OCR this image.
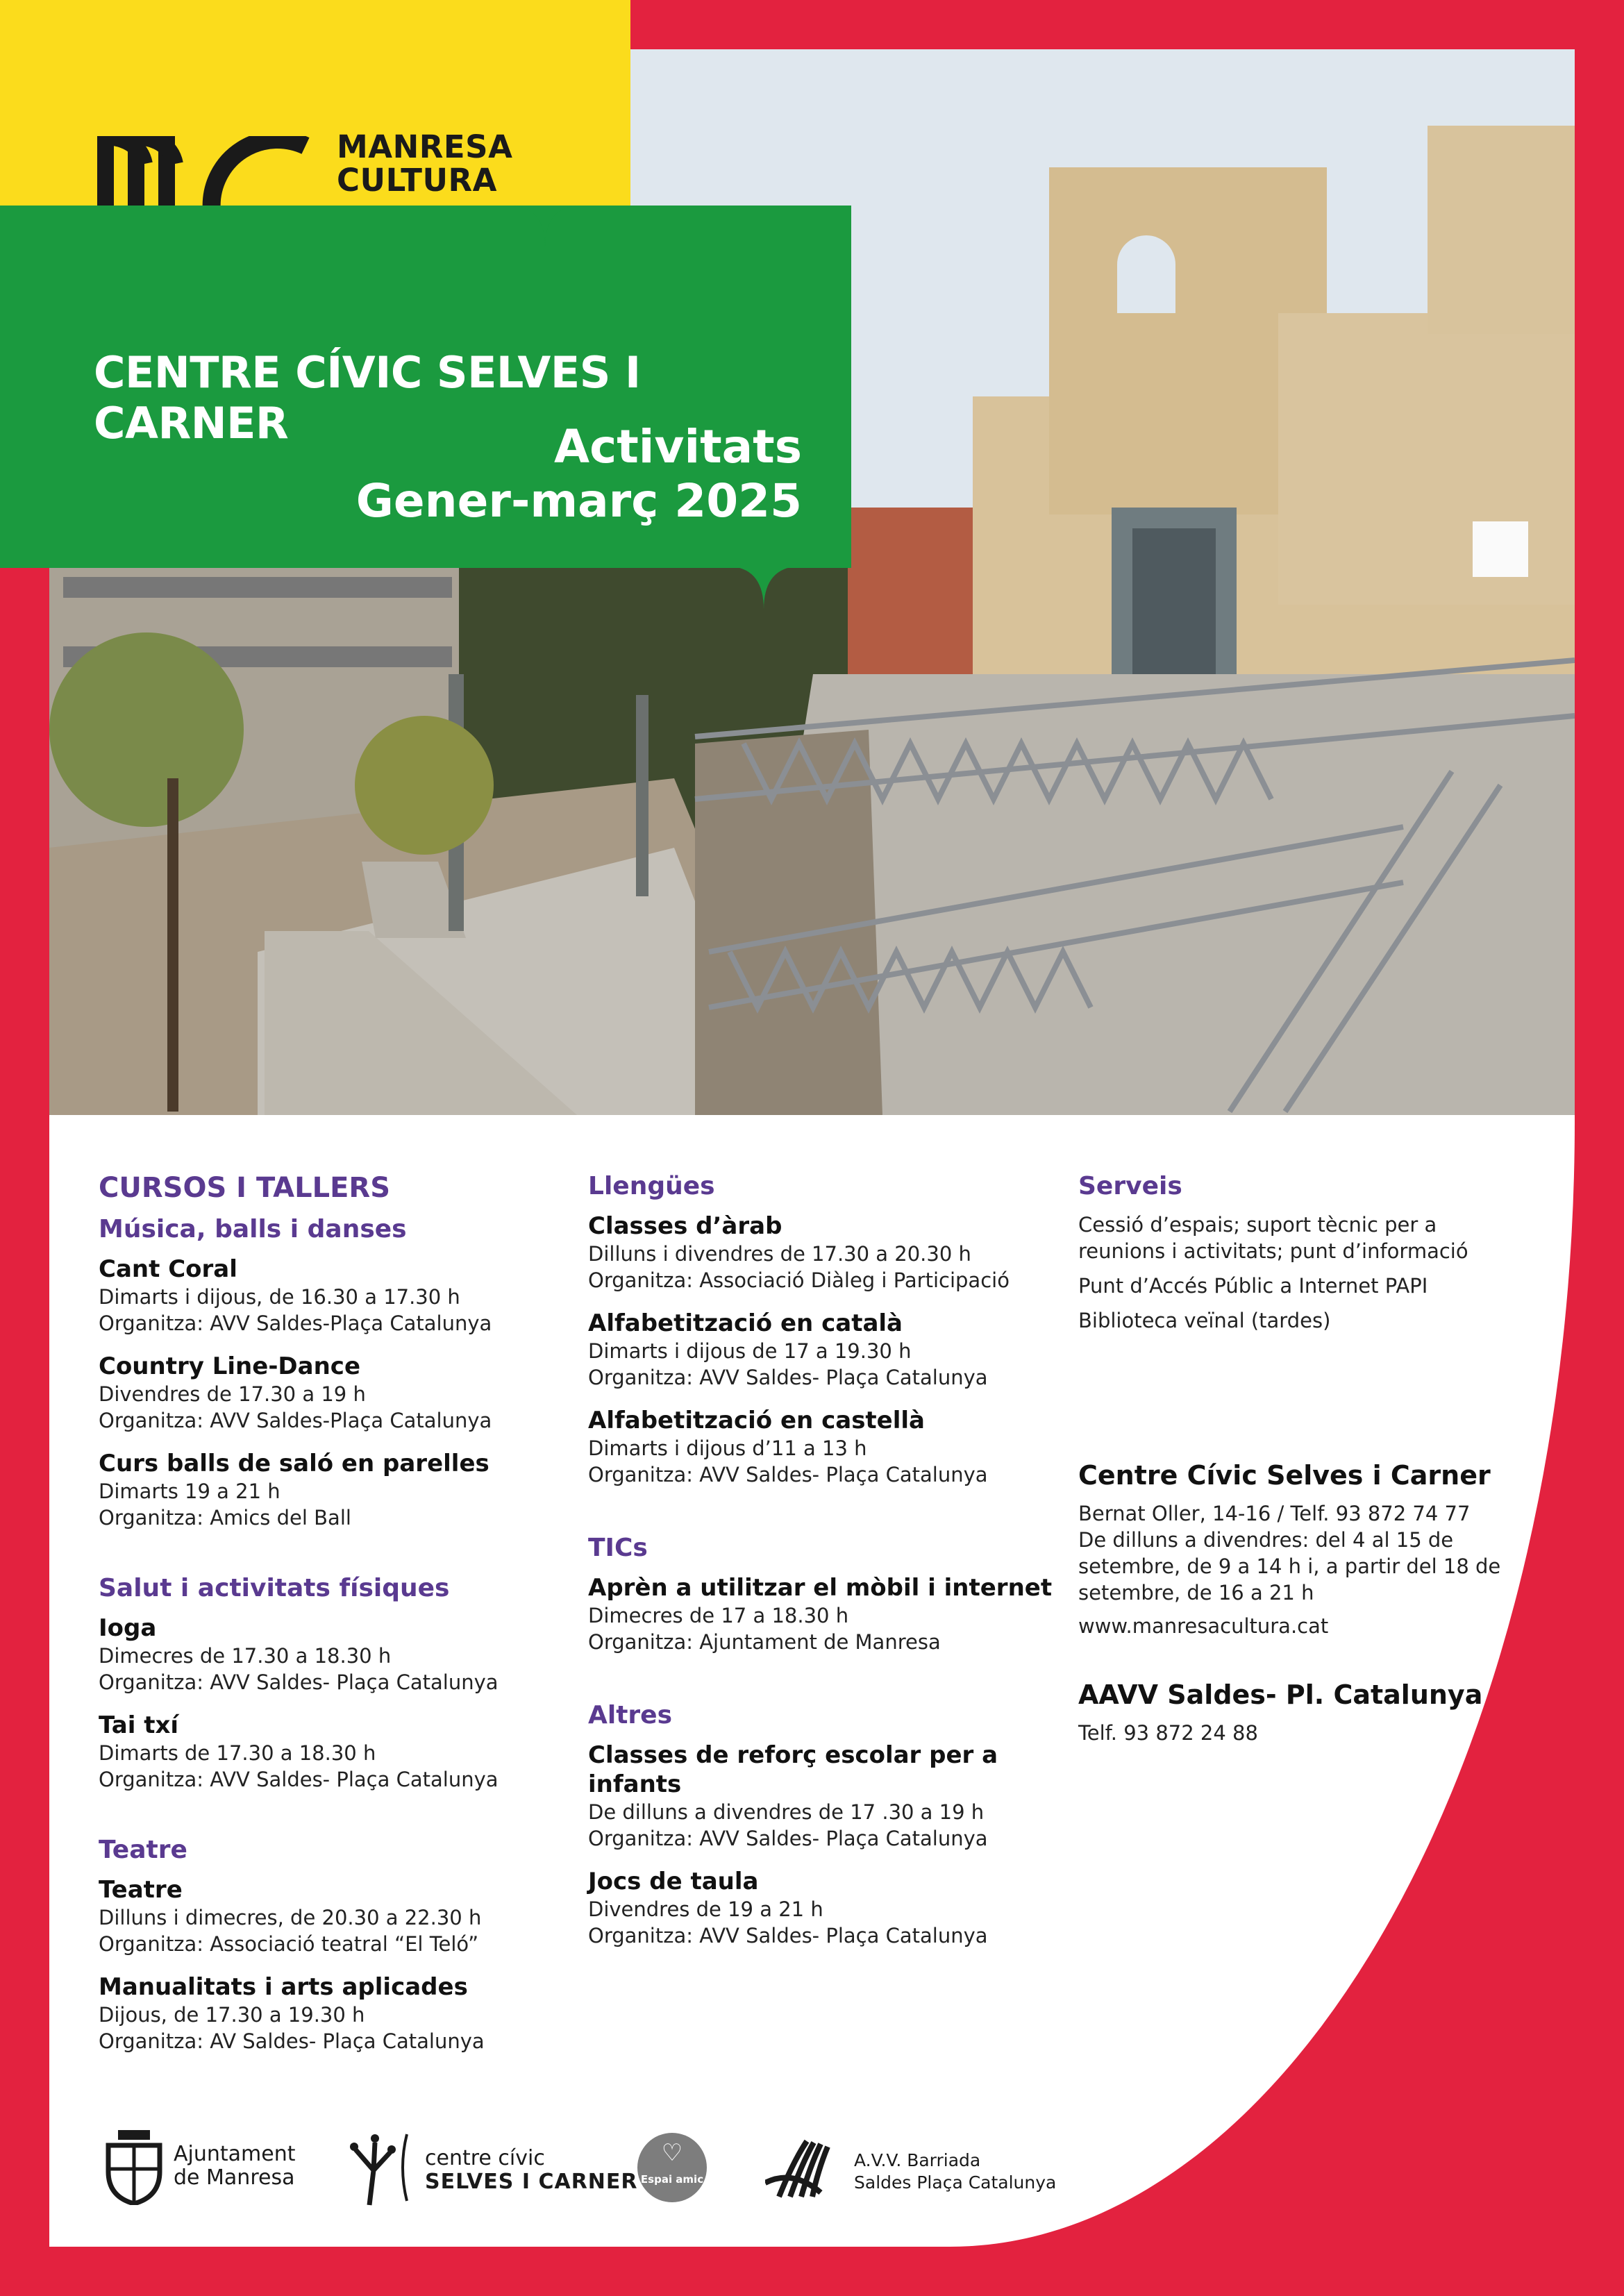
MANRESA
CULTURA
CENTRE CÍVIC SELVES I CARNER	Activitats
Gener-març 2025
CURSOS I TALLERS
Música, balls i danses
Cant Coral
Dimarts i dijous, de 16.30 a 17.30 h
Organitza: AVV Saldes-Plaça Catalunya
Country Line-Dance
Divendres de 17.30 a 19 h
Organitza: AVV Saldes-Plaça Catalunya
Curs balls de saló en parelles
Dimarts 19 a 21 h
Organitza: Amics del Ball
Salut i activitats físiques
Ioga
Dimecres de 17.30 a 18.30 h
Organitza: AVV Saldes- Plaça Catalunya
Tai txí
Dimarts de 17.30 a 18.30 h
Organitza: AVV Saldes- Plaça Catalunya
Teatre
Teatre
Dilluns i dimecres, de 20.30 a 22.30 h
Organitza: Associació teatral “El Teló”
Manualitats i arts aplicades
Dijous, de 17.30 a 19.30 h
Organitza: AV Saldes- Plaça Catalunya
Llengües
Classes d’àrab
Dilluns i divendres de 17.30 a 20.30 h
Organitza: Associació Diàleg i Participació
Alfabetització en català
Dimarts i dijous de 17 a 19.30 h
Organitza: AVV Saldes- Plaça Catalunya
Alfabetització en castellà
Dimarts i dijous d’11 a 13 h
Organitza: AVV Saldes- Plaça Catalunya
TICs
Aprèn a utilitzar el mòbil i internet
Dimecres de 17 a 18.30 h
Organitza: Ajuntament de Manresa
Altres
Classes de reforç escolar per a infants
De dilluns a divendres de 17 .30 a 19 h
Organitza: AVV Saldes- Plaça Catalunya
Jocs de taula
Divendres de 19 a 21 h
Organitza: AVV Saldes- Plaça Catalunya
Serveis
Cessió d’espais; suport tècnic per a reunions i activitats; punt d’informació
Punt d’Accés Públic a Internet PAPI
Biblioteca veïnal (tardes)
Centre Cívic Selves i Carner
Bernat Oller, 14-16 / Telf. 93 872 74 77
De dilluns a divendres: del 4 al 15 de setembre, de 9 a 14 h i, a partir del 18 de setembre, de 16 a 21 h
www.manresacultura.cat
AAVV Saldes- Pl. Catalunya
Telf. 93 872 24 88
Ajuntament
de Manresa
centre cívic
SELVES I CARNER
♡
Espai amic
A.V.V. Barriada
Saldes Plaça Catalunya
